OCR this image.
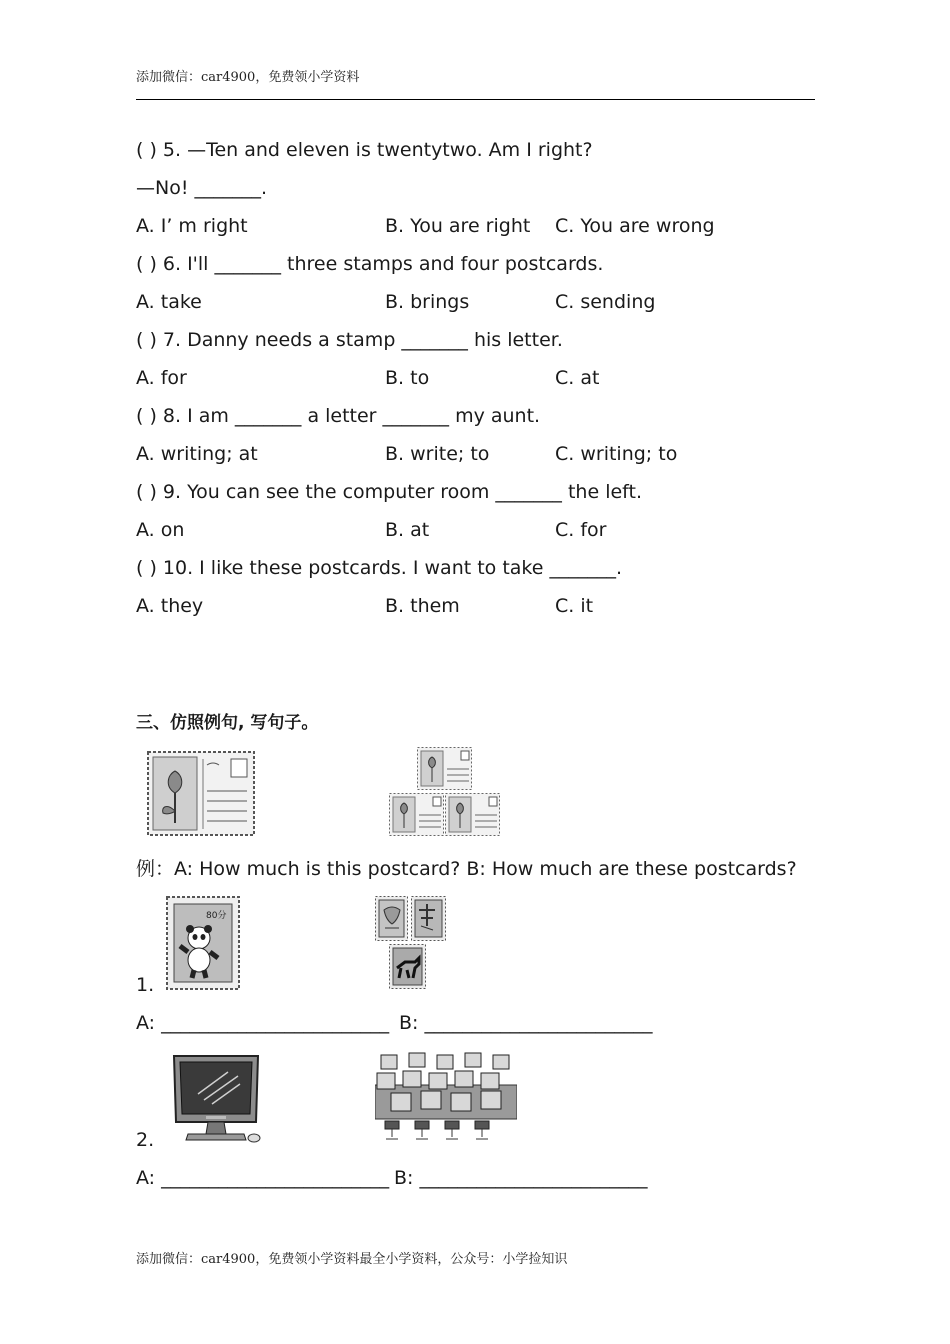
添加微信：car4900，免费领小学资料
( ) 5. —Ten and eleven is twentytwo. Am I right?
—No! _______.
A. I’ m right	B. You are right C. You are wrong
( ) 6. I'll _______ three stamps and four postcards.
A. take	B. brings	C. sending
( ) 7. Danny needs a stamp _______ his letter.
A. for	B. to	C. at
( ) 8. I am _______ a letter _______ my aunt.
A. writing; at	B. write; to	C. writing; to
( ) 9. You can see the computer room _______ the left.
A. on	B. at	C. for
( ) 10. I like these postcards. I want to take _______.
A. they	B. them	C. it
三、仿照例句, 写句子。
例：A: How much is this postcard? B: How much are these postcards?
80分
1.
A: ________________________ B: ________________________
2.
A: ________________________ B: ________________________
添加微信：car4900，免费领小学资料最全小学资料，公众号：小学捡知识
